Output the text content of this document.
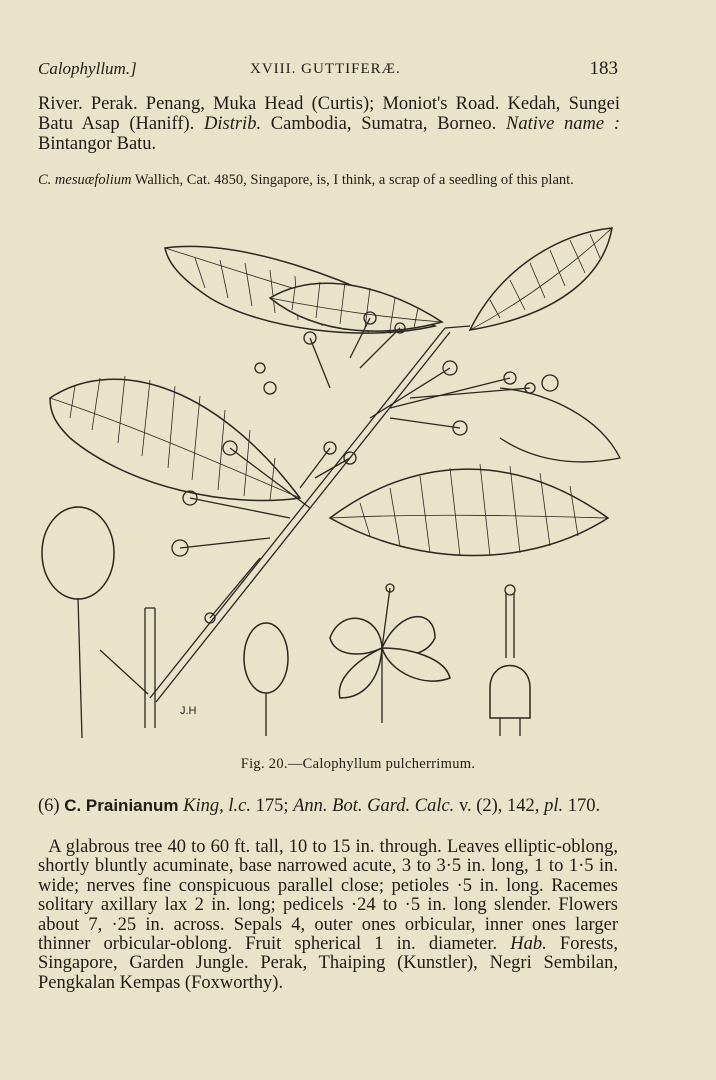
Calophyllum.]	XVIII. GUTTIFERÆ.	183
River. Perak. Penang, Muka Head (Curtis); Moniot's Road. Kedah, Sungei Batu Asap (Haniff). Distrib. Cambodia, Sumatra, Borneo. Native name : Bintangor Batu.
C. mesuæfolium Wallich, Cat. 4850, Singapore, is, I think, a scrap of a seedling of this plant.
J.H
Fig. 20.—Calophyllum pulcherrimum.
(6) C. Prainianum King, l.c. 175; Ann. Bot. Gard. Calc. v. (2), 142, pl. 170.
A glabrous tree 40 to 60 ft. tall, 10 to 15 in. through. Leaves elliptic-oblong, shortly bluntly acuminate, base narrowed acute, 3 to 3·5 in. long, 1 to 1·5 in. wide; nerves fine conspicuous parallel close; petioles ·5 in. long. Racemes solitary axillary lax 2 in. long; pedicels ·24 to ·5 in. long slender. Flowers about 7, ·25 in. across. Sepals 4, outer ones orbicular, inner ones larger thinner orbicular-oblong. Fruit spherical 1 in. diameter. Hab. Forests, Singapore, Garden Jungle. Perak, Thaiping (Kunstler), Negri Sembilan, Pengkalan Kempas (Foxworthy).
